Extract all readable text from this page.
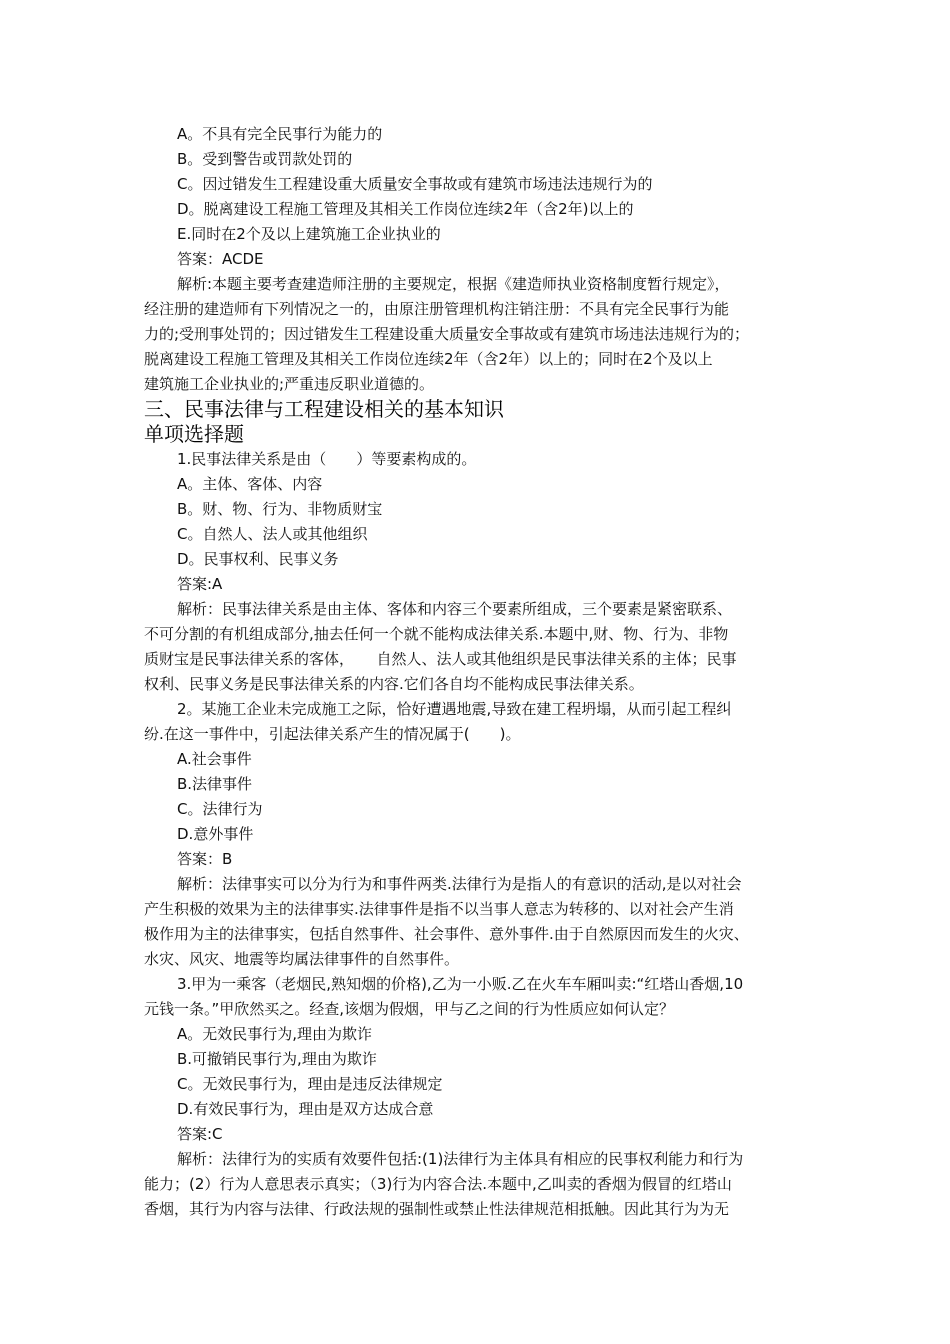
A。不具有完全民事行为能力的
B。受到警告或罚款处罚的
C。因过错发生工程建设重大质量安全事故或有建筑市场违法违规行为的
D。脱离建设工程施工管理及其相关工作岗位连续2年（含2年)以上的
E.同时在2个及以上建筑施工企业执业的
答案：ACDE
解析:本题主要考查建造师注册的主要规定，根据《建造师执业资格制度暂行规定》，
经注册的建造师有下列情况之一的，由原注册管理机构注销注册：不具有完全民事行为能
力的;受刑事处罚的；因过错发生工程建设重大质量安全事故或有建筑市场违法违规行为的；
脱离建设工程施工管理及其相关工作岗位连续2年（含2年）以上的；同时在2个及以上
建筑施工企业执业的;严重违反职业道德的。
三、民事法律与工程建设相关的基本知识
单项选择题
1.民事法律关系是由（　　）等要素构成的。
A。主体、客体、内容
B。财、物、行为、非物质财宝
C。自然人、法人或其他组织
D。民事权利、民事义务
答案:A
解析：民事法律关系是由主体、客体和内容三个要素所组成，三个要素是紧密联系、
不可分割的有机组成部分,抽去任何一个就不能构成法律关系.本题中,财、物、行为、非物
质财宝是民事法律关系的客体，　　自然人、法人或其他组织是民事法律关系的主体；民事
权利、民事义务是民事法律关系的内容.它们各自均不能构成民事法律关系。
2。某施工企业未完成施工之际，恰好遭遇地震,导致在建工程坍塌，从而引起工程纠
纷.在这一事件中，引起法律关系产生的情况属于(　　)。
A.社会事件
B.法律事件
C。法律行为
D.意外事件
答案：B
解析：法律事实可以分为行为和事件两类.法律行为是指人的有意识的活动,是以对社会
产生积极的效果为主的法律事实.法律事件是指不以当事人意志为转移的、以对社会产生消
极作用为主的法律事实，包括自然事件、社会事件、意外事件.由于自然原因而发生的火灾、
水灾、风灾、地震等均属法律事件的自然事件。
3.甲为一乘客（老烟民,熟知烟的价格),乙为一小贩.乙在火车车厢叫卖:“红塔山香烟,10
元钱一条。”甲欣然买之。经查,该烟为假烟，甲与乙之间的行为性质应如何认定？
A。无效民事行为,理由为欺诈
B.可撤销民事行为,理由为欺诈
C。无效民事行为，理由是违反法律规定
D.有效民事行为，理由是双方达成合意
答案:C
解析：法律行为的实质有效要件包括:(1)法律行为主体具有相应的民事权利能力和行为
能力；(2）行为人意思表示真实；（3)行为内容合法.本题中,乙叫卖的香烟为假冒的红塔山
香烟，其行为内容与法律、行政法规的强制性或禁止性法律规范相抵触。因此其行为为无
